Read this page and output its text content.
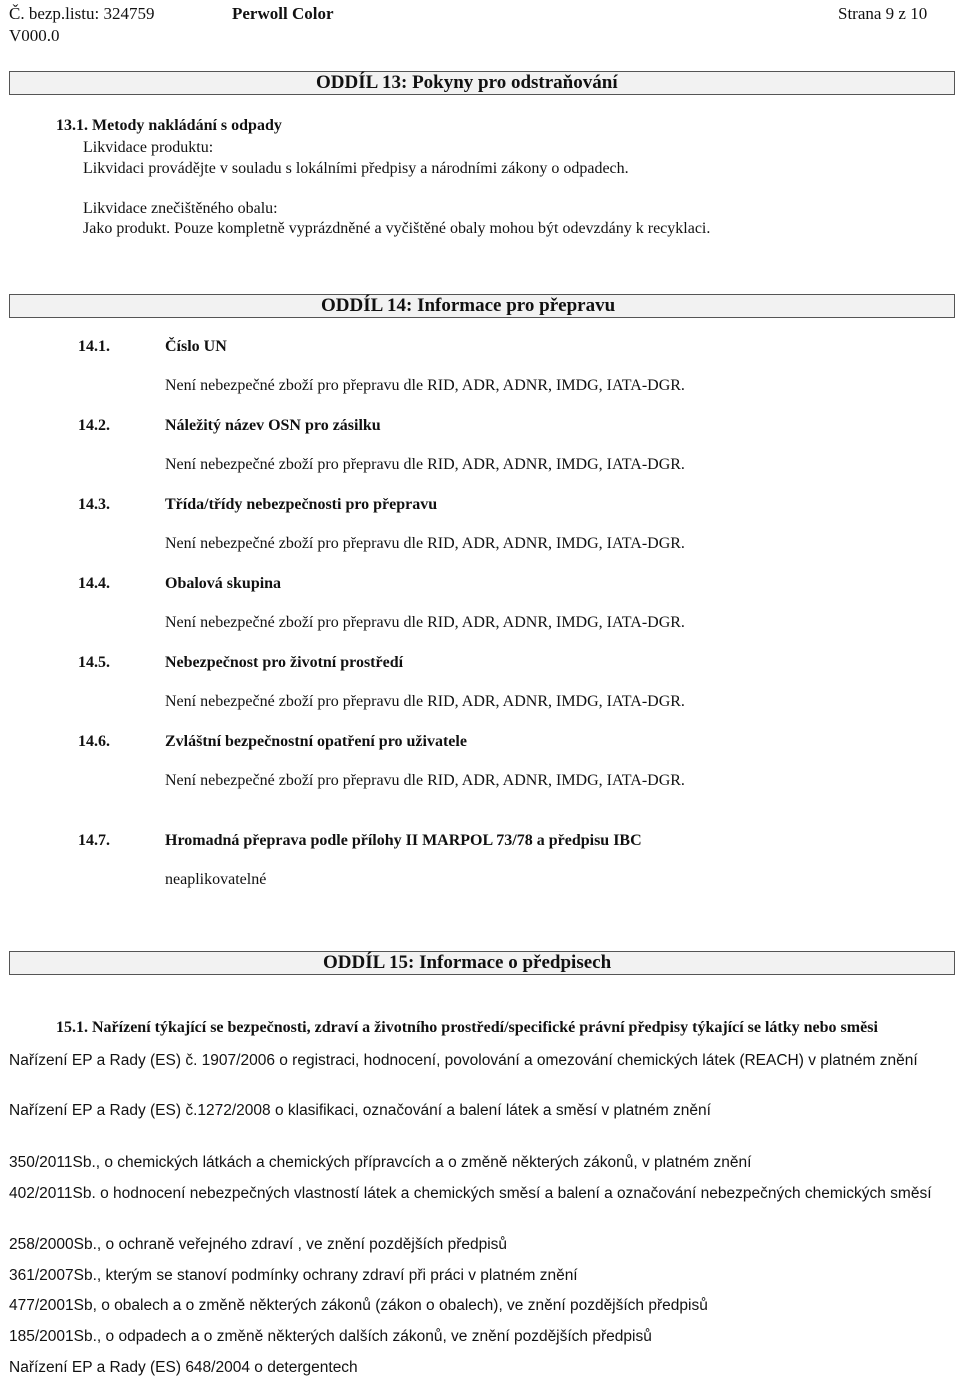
Č. bezp.listu: 324759
V000.0
Perwoll Color	Strana 9 z 10
ODDÍL 13: Pokyny pro odstraňování
13.1. Metody nakládání s odpady
Likvidace produktu:
Likvidaci provádějte v souladu s lokálními předpisy a národními zákony o odpadech.
Likvidace znečištěného obalu:
Jako produkt. Pouze kompletně vyprázdněné a vyčištěné obaly mohou být odevzdány k recyklaci.
ODDÍL 14: Informace pro přepravu
14.1.	Číslo UN
Není nebezpečné zboží pro přepravu dle RID, ADR, ADNR, IMDG, IATA-DGR.
14.2.	Náležitý název OSN pro zásilku
Není nebezpečné zboží pro přepravu dle RID, ADR, ADNR, IMDG, IATA-DGR.
14.3.	Třída/třídy nebezpečnosti pro přepravu
Není nebezpečné zboží pro přepravu dle RID, ADR, ADNR, IMDG, IATA-DGR.
14.4.	Obalová skupina
Není nebezpečné zboží pro přepravu dle RID, ADR, ADNR, IMDG, IATA-DGR.
14.5.	Nebezpečnost pro životní prostředí
Není nebezpečné zboží pro přepravu dle RID, ADR, ADNR, IMDG, IATA-DGR.
14.6.	Zvláštní bezpečnostní opatření pro uživatele
Není nebezpečné zboží pro přepravu dle RID, ADR, ADNR, IMDG, IATA-DGR.
14.7.	Hromadná přeprava podle přílohy II MARPOL 73/78 a předpisu IBC
neaplikovatelné
ODDÍL 15: Informace o předpisech
15.1. Nařízení týkající se bezpečnosti, zdraví a životního prostředí/specifické právní předpisy týkající se látky nebo směsi
Nařízení EP a Rady (ES) č. 1907/2006 o registraci, hodnocení, povolování a omezování chemických látek (REACH) v platném znění
Nařízení EP a Rady (ES) č.1272/2008 o klasifikaci, označování a balení látek a směsí v platném znění
350/2011Sb., o chemických látkách a chemických přípravcích a o změně některých zákonů, v platném znění
402/2011Sb. o hodnocení nebezpečných vlastností látek a chemických směsí a balení a označování nebezpečných chemických směsí
258/2000Sb., o ochraně veřejného zdraví , ve znění pozdějších předpisů
361/2007Sb., kterým se stanoví podmínky ochrany zdraví při práci v platném znění
477/2001Sb, o obalech a o změně některých zákonů (zákon o obalech), ve znění pozdějších předpisů
185/2001Sb., o odpadech a o změně některých dalších zákonů, ve znění pozdějších předpisů
Nařízení EP a Rady (ES) 648/2004 o detergentech
